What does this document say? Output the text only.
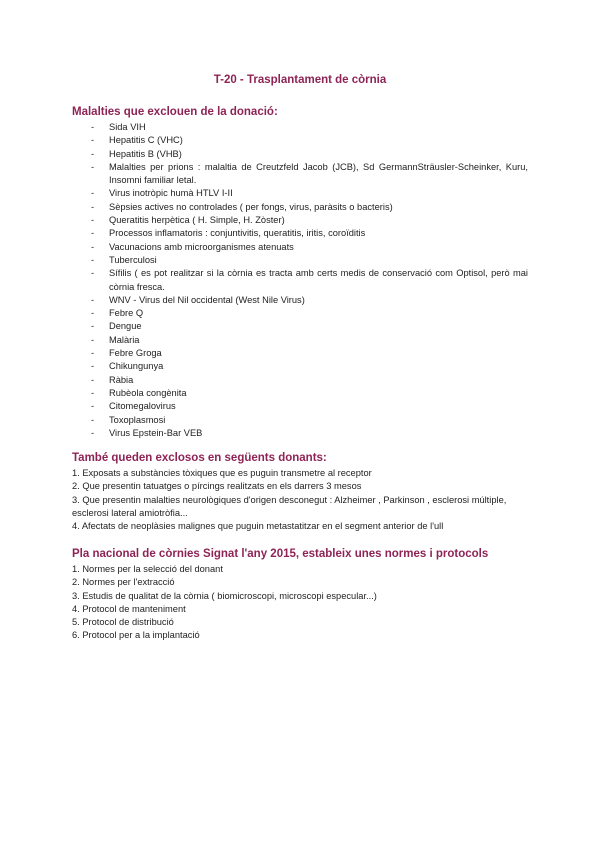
T-20 - Trasplantament de còrnia
Malalties que exclouen de la donació:
- Sida VIH
- Hepatitis C (VHC)
- Hepatitis B (VHB)
- Malalties per prions : malaltia de Creutzfeld Jacob (JCB), Sd GermannSträusler-Scheinker, Kuru, Insomni familiar letal.
- Virus inotròpic humà HTLV I-II
- Sèpsies actives no controlades ( per fongs, virus, paràsits o bacteris)
- Queratitis herpètica ( H. Simple, H. Zòster)
- Processos inflamatoris : conjuntivitis, queratitis, iritis, coroïditis
- Vacunacions amb microorganismes atenuats
- Tuberculosi
- Sífilis ( es pot realitzar si la còrnia es tracta amb certs medis de conservació com Optisol, però mai còrnia fresca.
- WNV - Virus del Nil occidental (West Nile Virus)
- Febre Q
- Dengue
- Malària
- Febre Groga
- Chikungunya
- Ràbia
- Rubèola congènita
- Citomegalovirus
- Toxoplasmosi
- Virus Epstein-Bar VEB
També queden exclosos en següents donants:
1. Exposats a substàncies tòxiques que es puguin transmetre al receptor
2. Que presentin tatuatges o pírcings realitzats en els darrers 3 mesos
3. Que presentin malalties neurològiques d'origen desconegut : Alzheimer , Parkinson , esclerosi múltiple, esclerosi lateral amiotròfia...
4. Afectats de neoplàsies malignes que puguin metastatitzar en el segment anterior de l'ull
Pla nacional de còrnies Signat l'any 2015, estableix unes normes i protocols
1. Normes per la selecció del donant
2. Normes per l'extracció
3. Estudis de qualitat de la còrnia ( biomicroscopi, microscopi especular...)
4. Protocol de manteniment
5. Protocol de distribució
6. Protocol per a la implantació
